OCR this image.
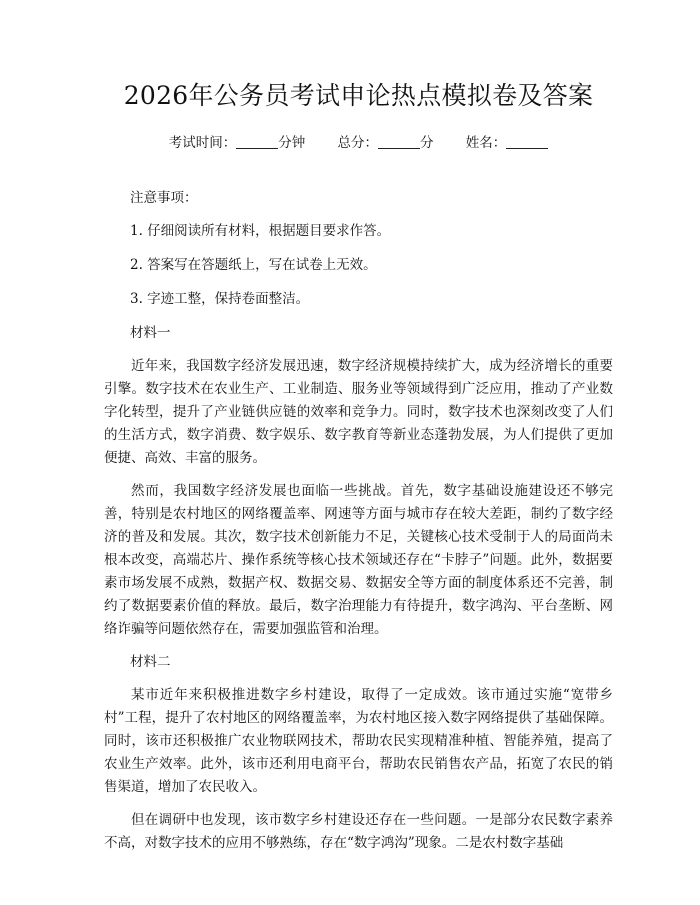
2026年公务员考试申论热点模拟卷及答案
考试时间：	分钟 总分：	分 姓名：

注意事项：

1. 仔细阅读所有材料，根据题目要求作答。

2. 答案写在答题纸上，写在试卷上无效。

3. 字迹工整，保持卷面整洁。

材料一

近年来，我国数字经济发展迅速，数字经济规模持续扩大，成为经济增长的重要引擎。数字技术在农业生产、工业制造、服务业等领域得到广泛应用，推动了产业数字化转型，提升了产业链供应链的效率和竞争力。同时，数字技术也深刻改变了人们的生活方式，数字消费、数字娱乐、数字教育等新业态蓬勃发展，为人们提供了更加便捷、高效、丰富的服务。

然而，我国数字经济发展也面临一些挑战。首先，数字基础设施建设还不够完善，特别是农村地区的网络覆盖率、网速等方面与城市存在较大差距，制约了数字经济的普及和发展。其次，数字技术创新能力不足，关键核心技术受制于人的局面尚未根本改变，高端芯片、操作系统等核心技术领域还存在“卡脖子”问题。此外，数据要素市场发展不成熟，数据产权、数据交易、数据安全等方面的制度体系还不完善，制约了数据要素价值的释放。最后，数字治理能力有待提升，数字鸿沟、平台垄断、网络诈骗等问题依然存在，需要加强监管和治理。

材料二

某市近年来积极推进数字乡村建设，取得了一定成效。该市通过实施“宽带乡村”工程，提升了农村地区的网络覆盖率，为农村地区接入数字网络提供了基础保障。同时，该市还积极推广农业物联网技术，帮助农民实现精准种植、智能养殖，提高了农业生产效率。此外，该市还利用电商平台，帮助农民销售农产品，拓宽了农民的销售渠道，增加了农民收入。

但在调研中也发现，该市数字乡村建设还存在一些问题。一是部分农民数字素养不高，对数字技术的应用不够熟练，存在“数字鸿沟”现象。二是农村数字基础
